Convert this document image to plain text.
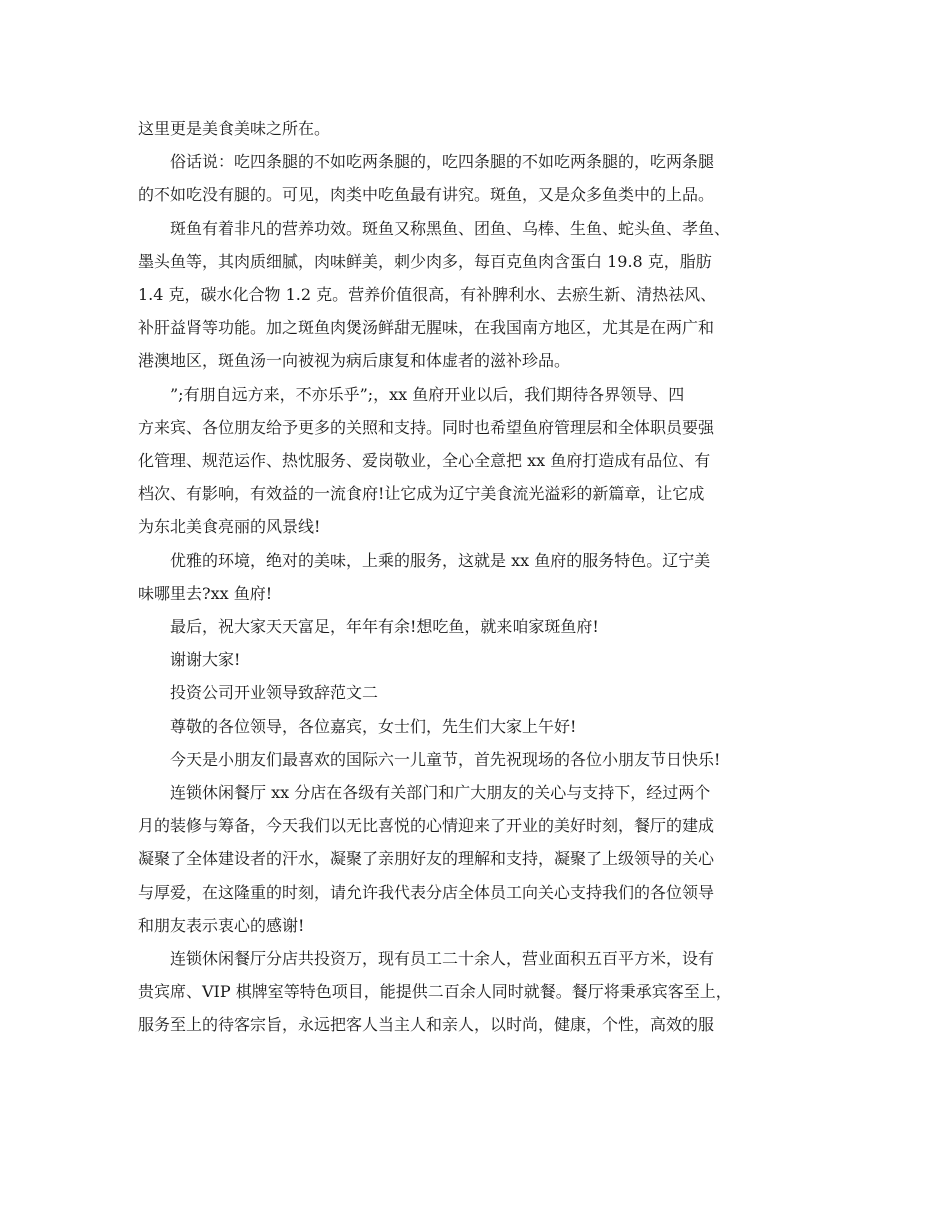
这里更是美食美味之所在。

　　俗话说：吃四条腿的不如吃两条腿的，吃四条腿的不如吃两条腿的，吃两条腿
的不如吃没有腿的。可见，肉类中吃鱼最有讲究。斑鱼，又是众多鱼类中的上品。

　　斑鱼有着非凡的营养功效。斑鱼又称黑鱼、团鱼、乌棒、生鱼、蛇头鱼、孝鱼、
墨头鱼等，其肉质细腻，肉味鲜美，刺少肉多，每百克鱼肉含蛋白 19.8 克，脂肪
1.4 克，碳水化合物 1.2 克。营养价值很高，有补脾利水、去瘀生新、清热祛风、
补肝益肾等功能。加之斑鱼肉煲汤鲜甜无腥味，在我国南方地区，尤其是在两广和
港澳地区，斑鱼汤一向被视为病后康复和体虚者的滋补珍品。

　　”;有朋自远方来，不亦乐乎”;，xx 鱼府开业以后，我们期待各界领导、四
方来宾、各位朋友给予更多的关照和支持。同时也希望鱼府管理层和全体职员要强
化管理、规范运作、热忱服务、爱岗敬业，全心全意把 xx 鱼府打造成有品位、有
档次、有影响，有效益的一流食府!让它成为辽宁美食流光溢彩的新篇章，让它成
为东北美食亮丽的风景线!

　　优雅的环境，绝对的美味，上乘的服务，这就是 xx 鱼府的服务特色。辽宁美
味哪里去?xx 鱼府!

　　最后，祝大家天天富足，年年有余!想吃鱼，就来咱家斑鱼府!

　　谢谢大家!

　　投资公司开业领导致辞范文二

　　尊敬的各位领导，各位嘉宾，女士们，先生们大家上午好!

　　今天是小朋友们最喜欢的国际六一儿童节，首先祝现场的各位小朋友节日快乐!

　　连锁休闲餐厅 xx 分店在各级有关部门和广大朋友的关心与支持下，经过两个
月的装修与筹备，今天我们以无比喜悦的心情迎来了开业的美好时刻，餐厅的建成
凝聚了全体建设者的汗水，凝聚了亲朋好友的理解和支持，凝聚了上级领导的关心
与厚爱，在这隆重的时刻，请允许我代表分店全体员工向关心支持我们的各位领导
和朋友表示衷心的感谢!

　　连锁休闲餐厅分店共投资万，现有员工二十余人，营业面积五百平方米，设有
贵宾席、VIP 棋牌室等特色项目，能提供二百余人同时就餐。餐厅将秉承宾客至上，
服务至上的待客宗旨，永远把客人当主人和亲人，以时尚，健康，个性，高效的服
